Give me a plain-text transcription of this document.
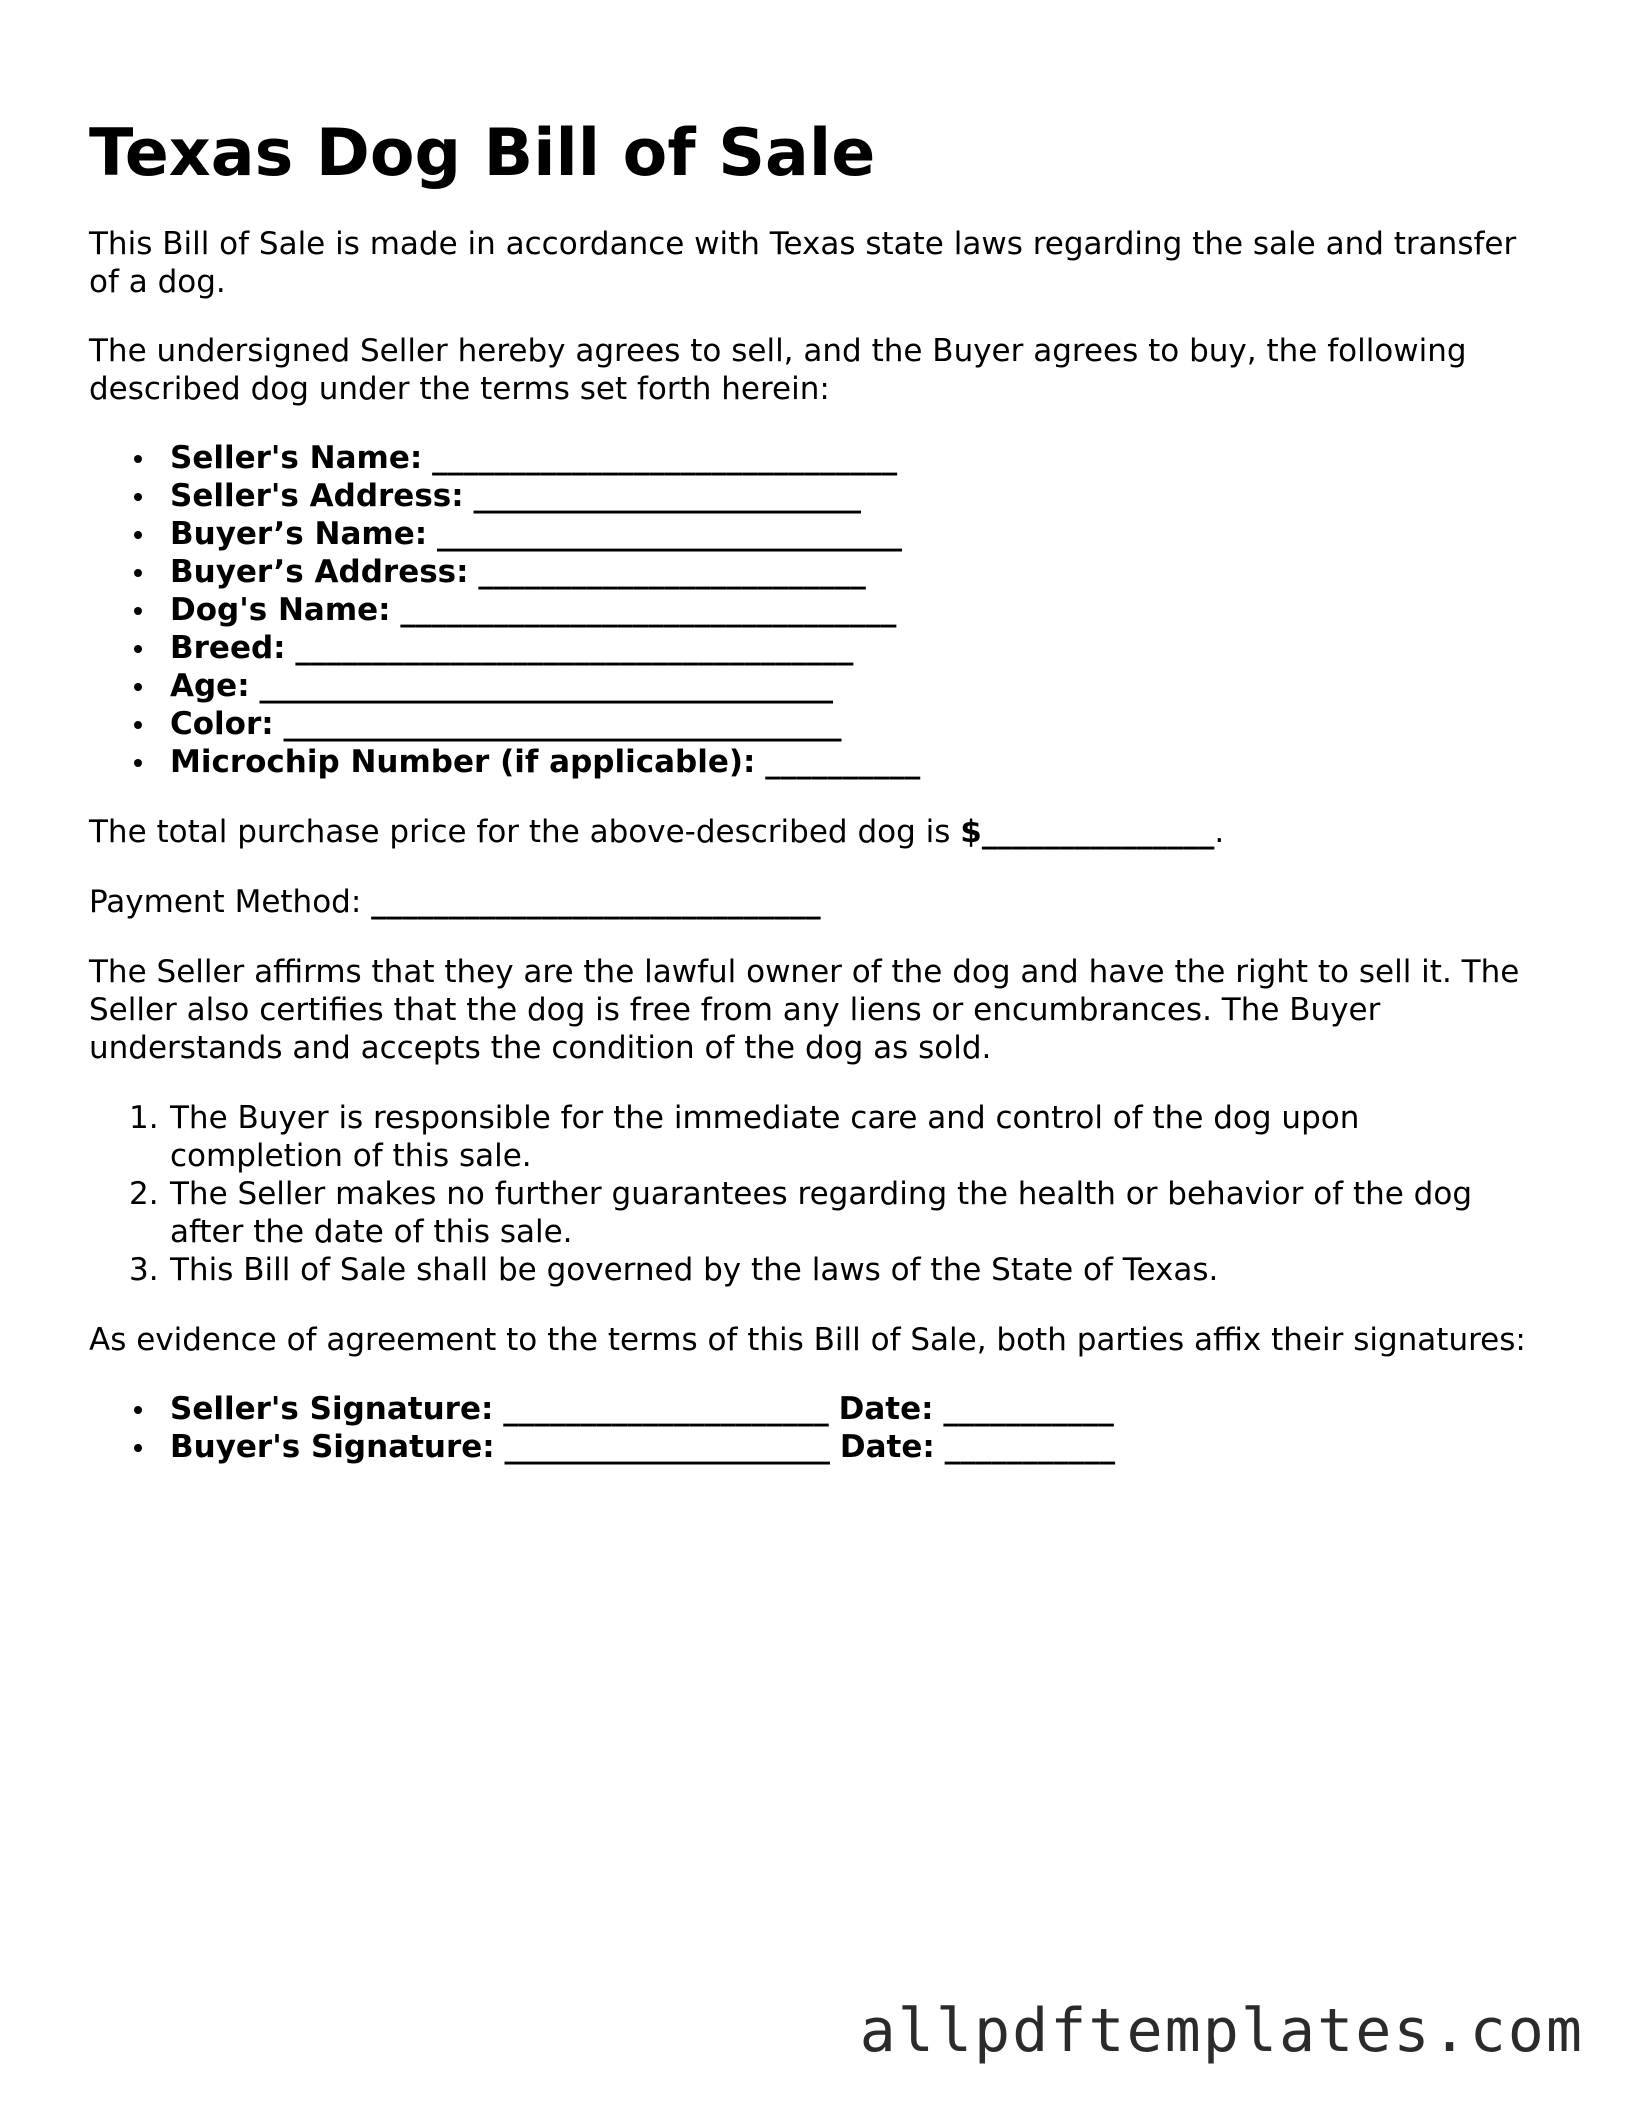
Texas Dog Bill of Sale

This Bill of Sale is made in accordance with Texas state laws regarding the sale and transfer of a dog.

The undersigned Seller hereby agrees to sell, and the Buyer agrees to buy, the following described dog under the terms set forth herein:

Seller's Name: ______________________________
Seller's Address: _________________________
Buyer’s Name: ______________________________
Buyer’s Address: _________________________
Dog's Name: ________________________________
Breed: ____________________________________
Age: _____________________________________
Color: ____________________________________
Microchip Number (if applicable): __________

The total purchase price for the above-described dog is $_______________.

Payment Method: _____________________________

The Seller affirms that they are the lawful owner of the dog and have the right to sell it. The Seller also certifies that the dog is free from any liens or encumbrances. The Buyer understands and accepts the condition of the dog as sold.

1. The Buyer is responsible for the immediate care and control of the dog upon completion of this sale.
2. The Seller makes no further guarantees regarding the health or behavior of the dog after the date of this sale.
3. This Bill of Sale shall be governed by the laws of the State of Texas.

As evidence of agreement to the terms of this Bill of Sale, both parties affix their signatures:

Seller's Signature: _____________________ Date: ___________
Buyer's Signature: _____________________ Date: ___________
allpdftemplates.com
